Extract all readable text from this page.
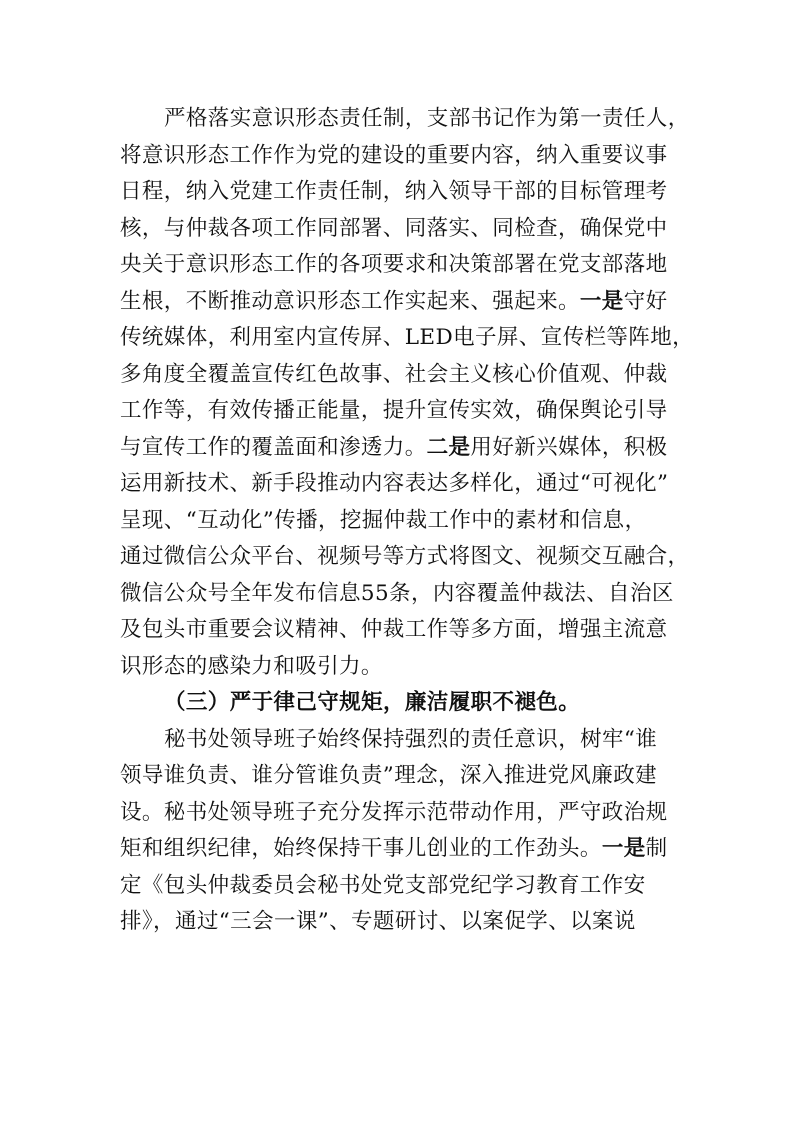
严格落实意识形态责任制，支部书记作为第一责任人，
将意识形态工作作为党的建设的重要内容，纳入重要议事
日程，纳入党建工作责任制，纳入领导干部的目标管理考
核，与仲裁各项工作同部署、同落实、同检查，确保党中
央关于意识形态工作的各项要求和决策部署在党支部落地
生根，不断推动意识形态工作实起来、强起来。一是守好
传统媒体，利用室内宣传屏、LED电子屏、宣传栏等阵地，
多角度全覆盖宣传红色故事、社会主义核心价值观、仲裁
工作等，有效传播正能量，提升宣传实效，确保舆论引导
与宣传工作的覆盖面和渗透力。二是用好新兴媒体，积极
运用新技术、新手段推动内容表达多样化，通过“可视化”
呈现、“互动化”传播，挖掘仲裁工作中的素材和信息，
通过微信公众平台、视频号等方式将图文、视频交互融合，
微信公众号全年发布信息55条，内容覆盖仲裁法、自治区
及包头市重要会议精神、仲裁工作等多方面，增强主流意
识形态的感染力和吸引力。
（三）严于律己守规矩，廉洁履职不褪色。
秘书处领导班子始终保持强烈的责任意识，树牢“谁
领导谁负责、谁分管谁负责”理念，深入推进党风廉政建
设。秘书处领导班子充分发挥示范带动作用，严守政治规
矩和组织纪律，始终保持干事儿创业的工作劲头。一是制
定《包头仲裁委员会秘书处党支部党纪学习教育工作安
排》，通过“三会一课”、专题研讨、以案促学、以案说
